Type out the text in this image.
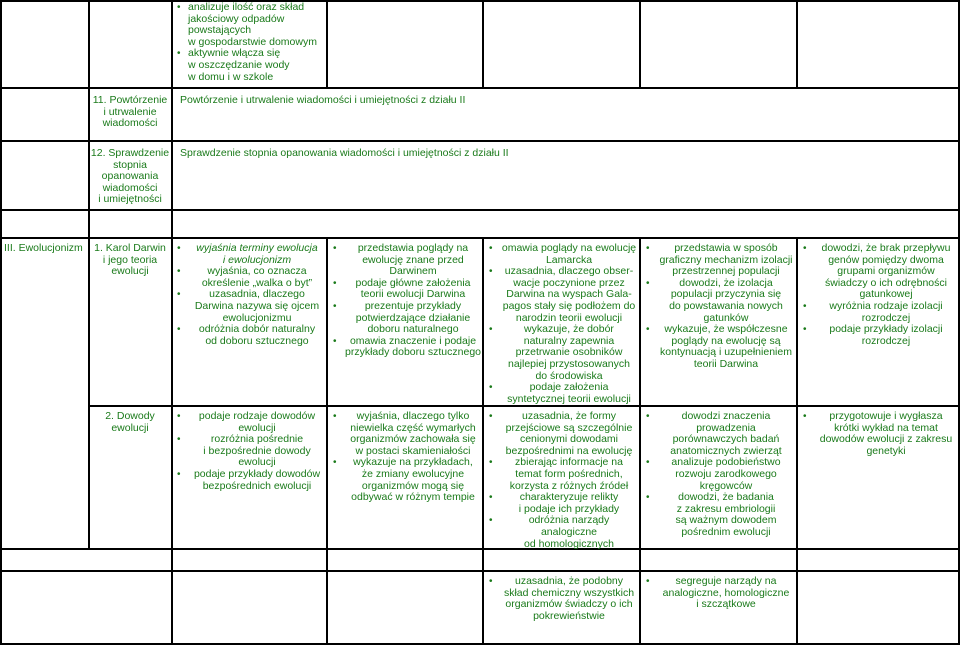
• analizuje ilość oraz skład
jakościowy odpadów
powstających
w gospodarstwie domowym
• aktywnie włącza się
w oszczędzanie wody
w domu i w szkole
11. Powtórzenie
i utrwalenie
wiadomości
Powtórzenie i utrwalenie wiadomości i umiejętności z działu II
12. Sprawdzenie
stopnia
opanowania
wiadomości
i umiejętności
Sprawdzenie stopnia opanowania wiadomości i umiejętności z działu II
III. Ewolucjonizm	1. Karol Darwin
i jego teoria
ewolucji
• wyjaśnia terminy ewolucja
i ewolucjonizm
• wyjaśnia, co oznacza
określenie „walka o byt”
• uzasadnia, dlaczego
Darwina nazywa się ojcem
ewolucjonizmu
• odróżnia dobór naturalny
od doboru sztucznego
• przedstawia poglądy na
ewolucję znane przed
Darwinem
• podaje główne założenia
teorii ewolucji Darwina
• prezentuje przykłady
potwierdzające działanie
doboru naturalnego
• omawia znaczenie i podaje
przykłady doboru sztucznego
• omawia poglądy na ewolucję
Lamarcka
• uzasadnia, dlaczego obser-
wacje poczynione przez
Darwina na wyspach Gala-
pagos stały się podłożem do
narodzin teorii ewolucji
• wykazuje, że dobór
naturalny zapewnia
przetrwanie osobników
najlepiej przystosowanych
do środowiska
• podaje założenia
syntetycznej teorii ewolucji
• przedstawia w sposób
graficzny mechanizm izolacji
przestrzennej populacji
• dowodzi, że izolacja
populacji przyczynia się
do powstawania nowych
gatunków
• wykazuje, że współczesne
poglądy na ewolucję są
kontynuacją i uzupełnieniem
teorii Darwina
• dowodzi, że brak przepływu
genów pomiędzy dwoma
grupami organizmów
świadczy o ich odrębności
gatunkowej
• wyróżnia rodzaje izolacji
rozrodczej
• podaje przykłady izolacji
rozrodczej
2. Dowody
ewolucji
• podaje rodzaje dowodów
ewolucji
• rozróżnia pośrednie
i bezpośrednie dowody
ewolucji
• podaje przykłady dowodów
bezpośrednich ewolucji
• wyjaśnia, dlaczego tylko
niewielka część wymarłych
organizmów zachowała się
w postaci skamieniałości
• wykazuje na przykładach,
że zmiany ewolucyjne
organizmów mogą się
odbywać w różnym tempie
• uzasadnia, że formy
przejściowe są szczególnie
cenionymi dowodami
bezpośrednimi na ewolucję
• zbierając informacje na
temat form pośrednich,
korzysta z różnych źródeł
• charakteryzuje relikty
i podaje ich przykłady
• odróżnia narządy
analogiczne
od homologicznych
• dowodzi znaczenia
prowadzenia
porównawczych badań
anatomicznych zwierząt
• analizuje podobieństwo
rozwoju zarodkowego
kręgowców
• dowodzi, że badania
z zakresu embriologii
są ważnym dowodem
pośrednim ewolucji
• przygotowuje i wygłasza
krótki wykład na temat
dowodów ewolucji z zakresu
genetyki
• uzasadnia, że podobny
skład chemiczny wszystkich
organizmów świadczy o ich
pokrewieństwie
• segreguje narządy na
analogiczne, homologiczne
i szczątkowe
